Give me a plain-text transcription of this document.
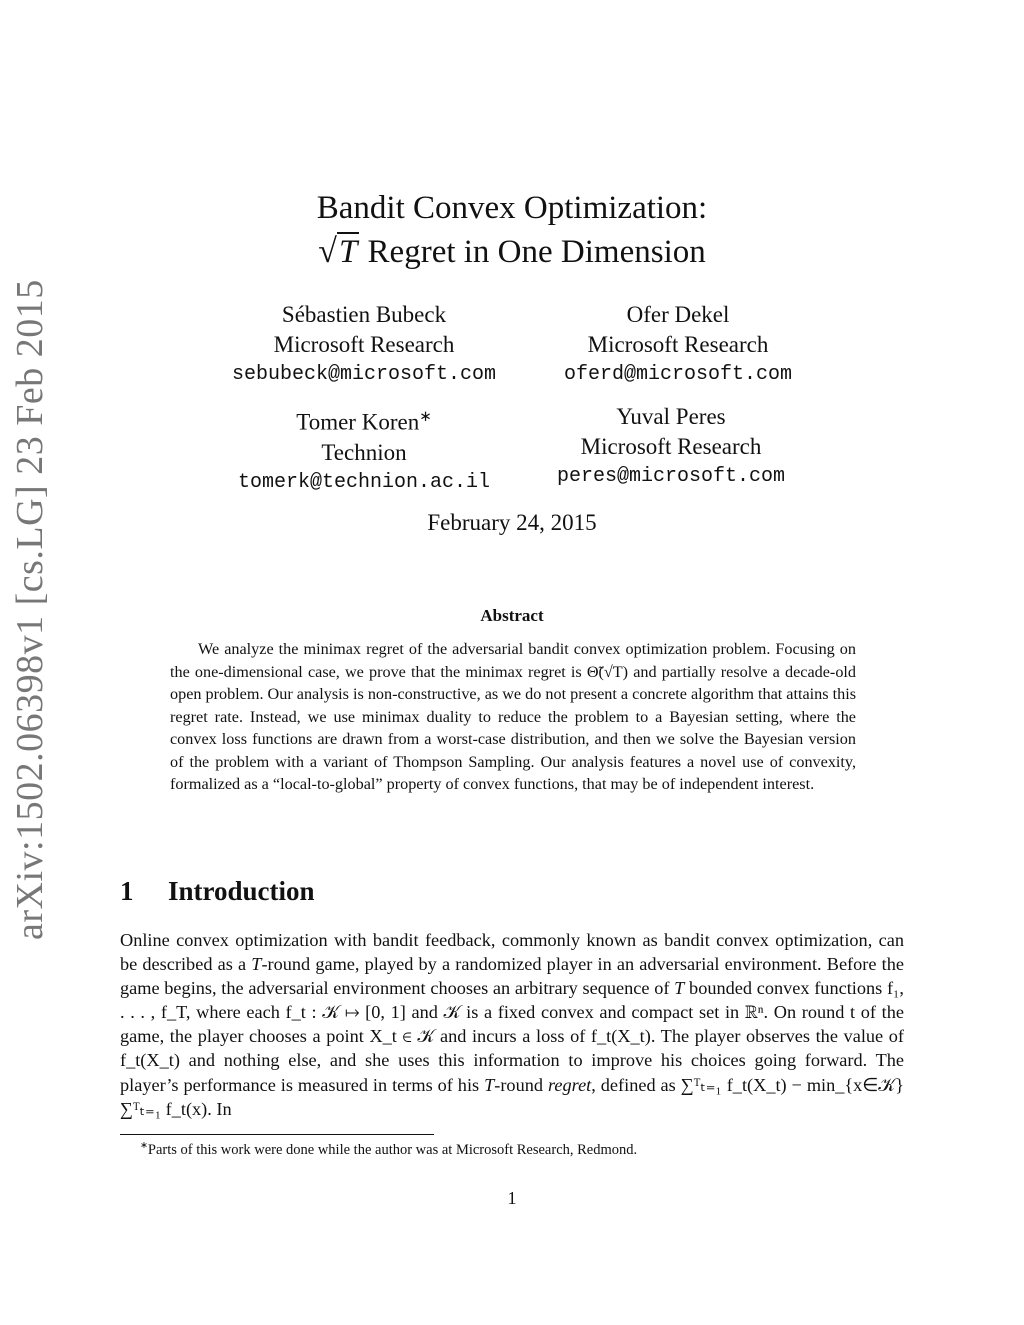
arXiv:1502.06398v1 [cs.LG] 23 Feb 2015
Bandit Convex Optimization:
√T Regret in One Dimension
Sébastien Bubeck
Microsoft Research
sebubeck@microsoft.com
Ofer Dekel
Microsoft Research
oferd@microsoft.com
Tomer Koren∗
Technion
tomerk@technion.ac.il
Yuval Peres
Microsoft Research
peres@microsoft.com
February 24, 2015
Abstract
We analyze the minimax regret of the adversarial bandit convex optimization problem. Focusing on the one-dimensional case, we prove that the minimax regret is Θ̃(√T) and partially resolve a decade-old open problem. Our analysis is non-constructive, as we do not present a concrete algorithm that attains this regret rate. Instead, we use minimax duality to reduce the problem to a Bayesian setting, where the convex loss functions are drawn from a worst-case distribution, and then we solve the Bayesian version of the problem with a variant of Thompson Sampling. Our analysis features a novel use of convexity, formalized as a “local-to-global” property of convex functions, that may be of independent interest.
1 Introduction
Online convex optimization with bandit feedback, commonly known as bandit convex optimization, can be described as a T-round game, played by a randomized player in an adversarial environment. Before the game begins, the adversarial environment chooses an arbitrary sequence of T bounded convex functions f₁, . . . , f_T, where each f_t : 𝒦 ↦ [0, 1] and 𝒦 is a fixed convex and compact set in ℝⁿ. On round t of the game, the player chooses a point X_t ∈ 𝒦 and incurs a loss of f_t(X_t). The player observes the value of f_t(X_t) and nothing else, and she uses this information to improve his choices going forward. The player’s performance is measured in terms of his T-round regret, defined as ∑ᵀₜ₌₁ f_t(X_t) − min_{x∈𝒦} ∑ᵀₜ₌₁ f_t(x). In
∗Parts of this work were done while the author was at Microsoft Research, Redmond.
1
